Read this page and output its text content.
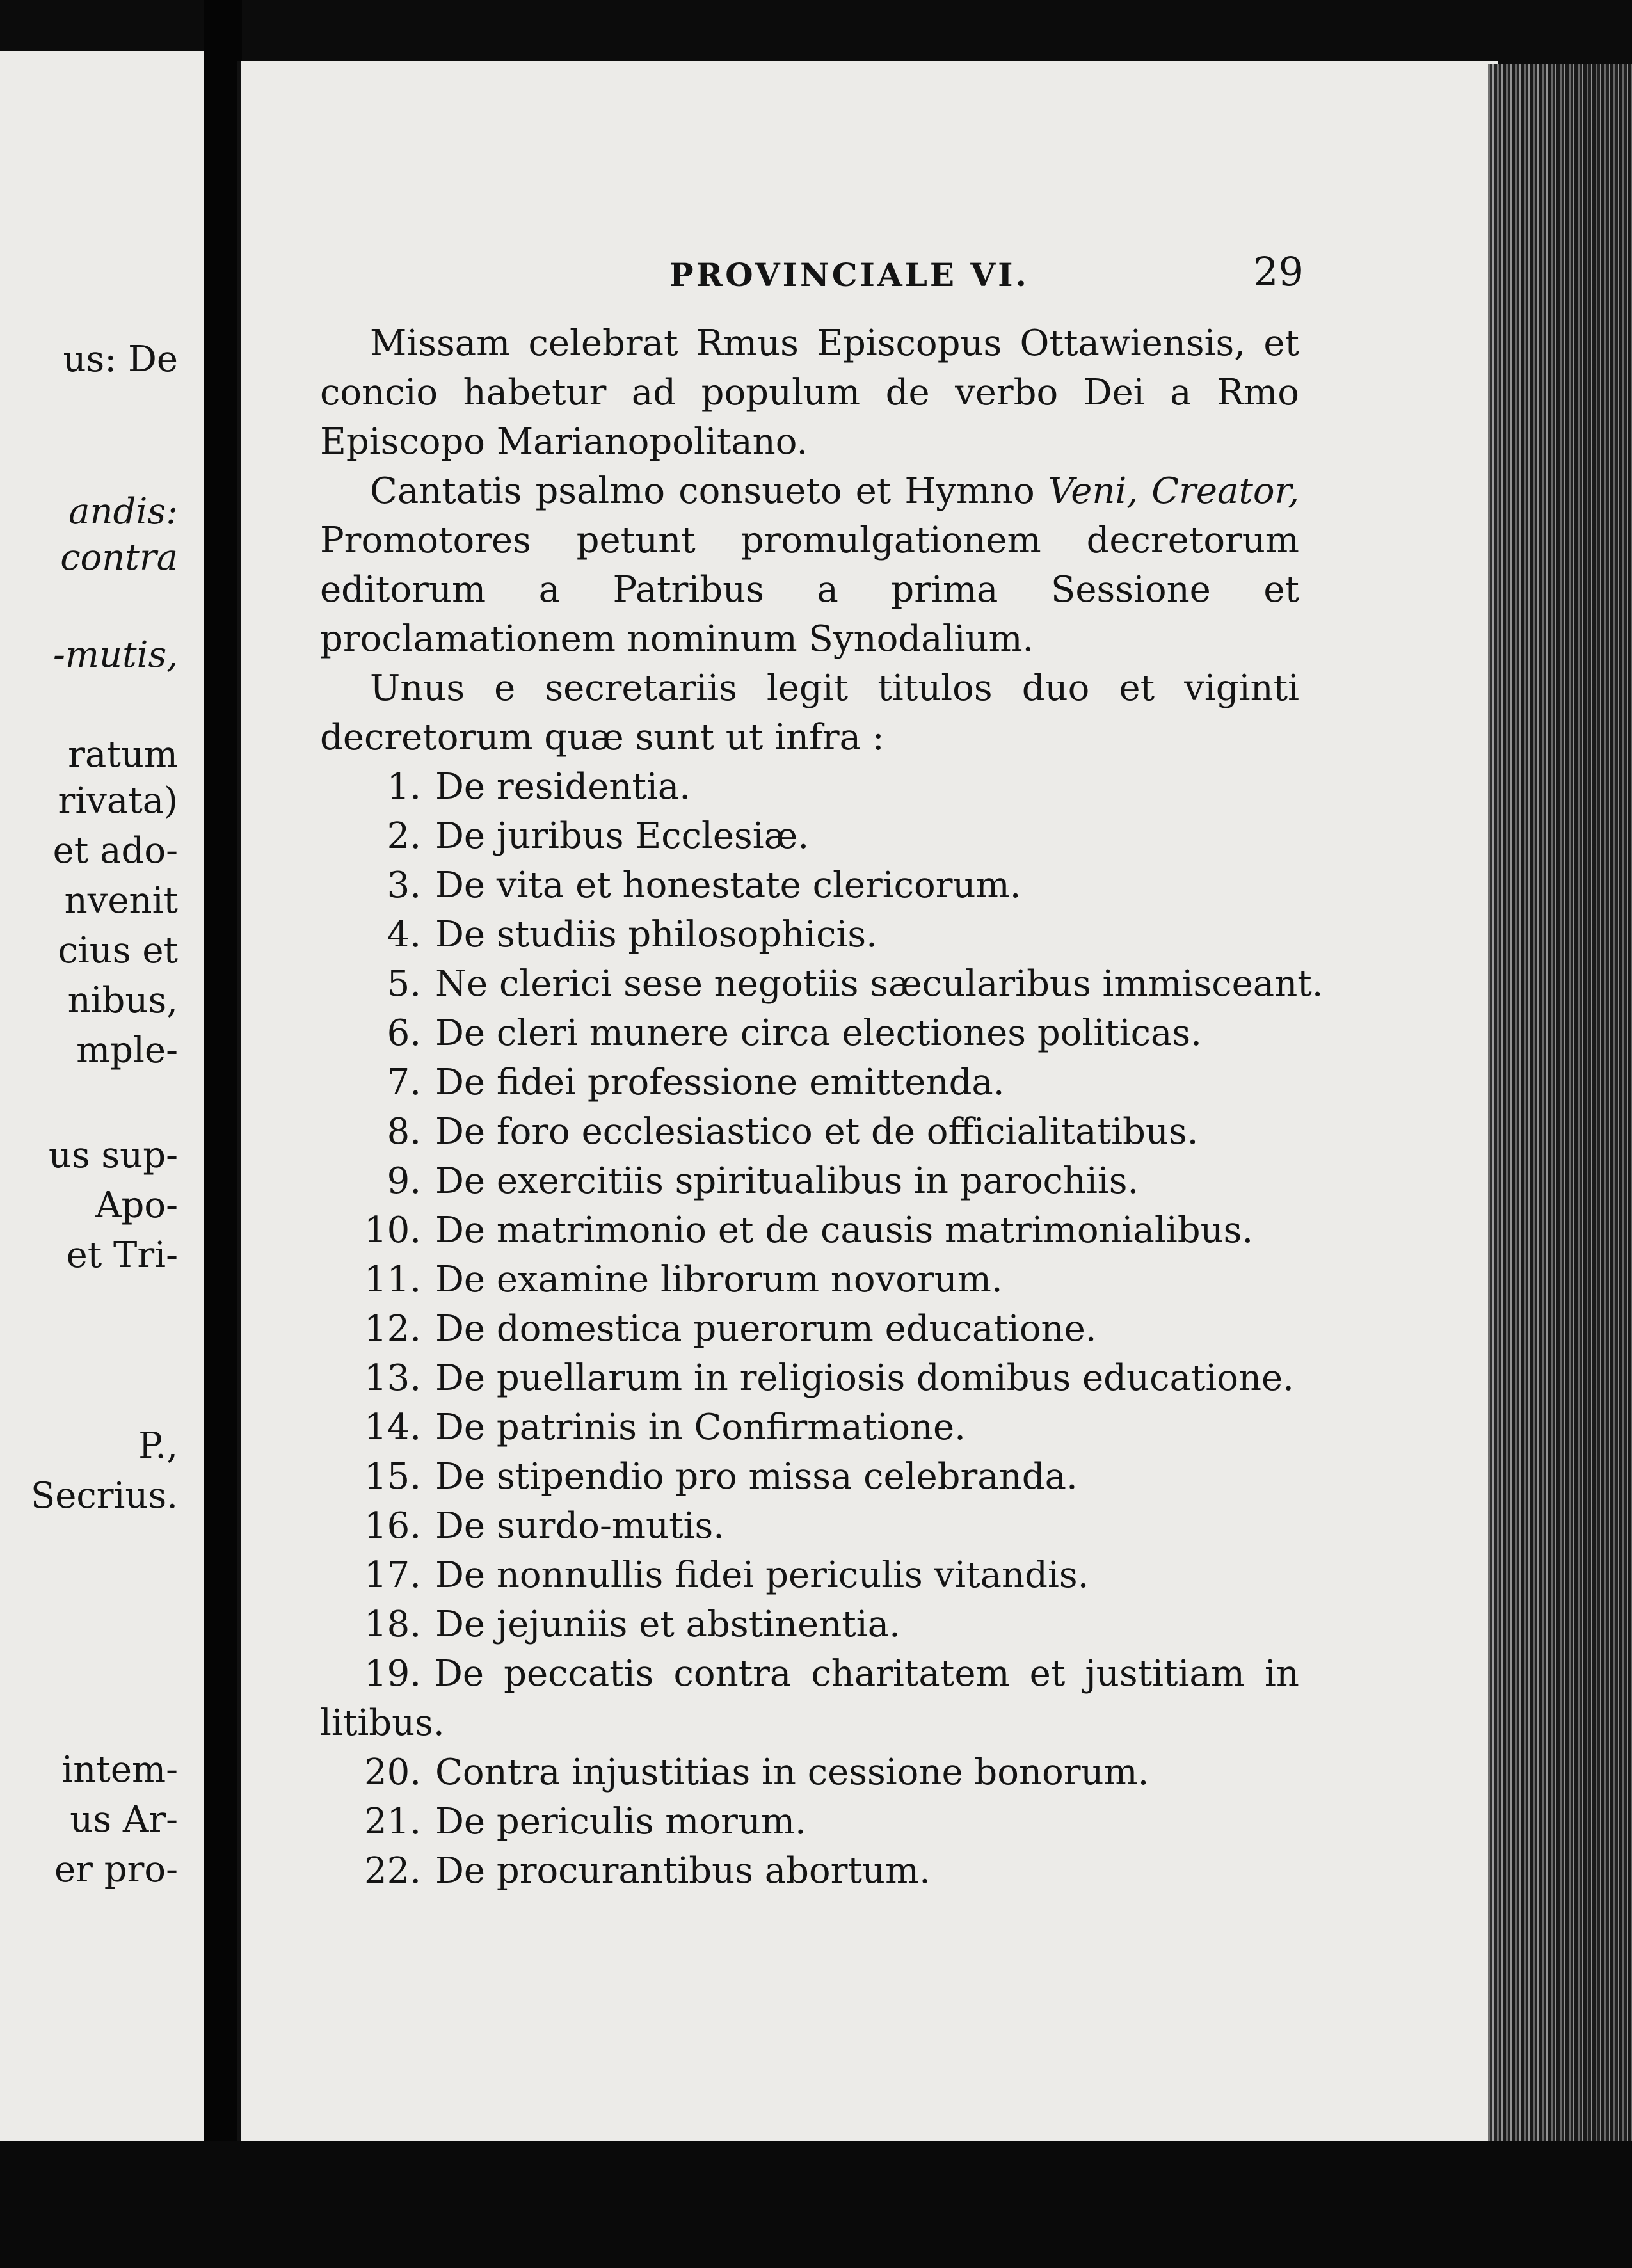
us: De
andis:
contra
-mutis,
ratum
rivata)
et ado-
nvenit
cius et
nibus,
mple-
us sup-
Apo-
et Tri-
P.,
Secrius.
intem-
us Ar-
er pro-
PROVINCIALE VI.	29

Missam celebrat Rmus Episcopus Ottawiensis, et concio habetur ad populum de verbo Dei a Rmo Episcopo Marianopolitano.

Cantatis psalmo consueto et Hymno Veni, Creator, Promotores petunt promulgationem decretorum editorum a Patribus a prima Sessione et proclamationem nominum Synodalium.

Unus e secretariis legit titulos duo et viginti decretorum quæ sunt ut infra :

1. De residentia.
2. De juribus Ecclesiæ.
3. De vita et honestate clericorum.
4. De studiis philosophicis.
5. Ne clerici sese negotiis sæcularibus immisceant.
6. De cleri munere circa electiones politicas.
7. De fidei professione emittenda.
8. De foro ecclesiastico et de officialitatibus.
9. De exercitiis spiritualibus in parochiis.
10. De matrimonio et de causis matrimonialibus.
11. De examine librorum novorum.
12. De domestica puerorum educatione.
13. De puellarum in religiosis domibus educatione.
14. De patrinis in Confirmatione.
15. De stipendio pro missa celebranda.
16. De surdo-mutis.
17. De nonnullis fidei periculis vitandis.
18. De jejuniis et abstinentia.
19. De peccatis contra charitatem et justitiam in litibus.
20. Contra injustitias in cessione bonorum.
21. De periculis morum.
22. De procurantibus abortum.
